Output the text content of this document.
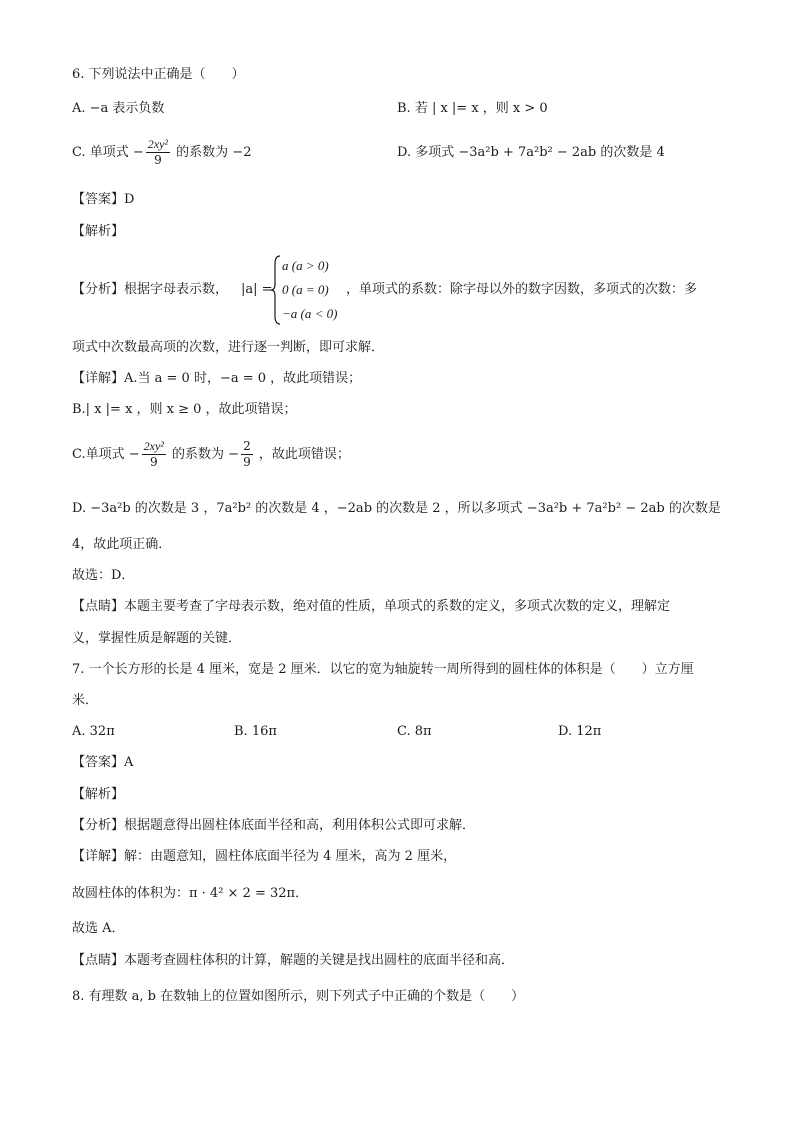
6. 下列说法中正确是（　　）
A. −a 表示负数	B. 若 | x |= x ，则 x > 0
C. 单项式 − $\frac{\text{2xy²}}{9}$ 的系数为 −2	D. 多项式 −3a²b + 7a²b² − 2ab 的次数是 4
【答案】D
【解析】
【分析】根据字母表示数， |a| =
a (a > 0)
0 (a = 0)
−a (a < 0)
，单项式的系数：除字母以外的数字因数，多项式的次数：多
项式中次数最高项的次数，进行逐一判断，即可求解．
【详解】A.当 a = 0 时，−a = 0 ，故此项错误；
B.| x |= x ，则 x ≥ 0 ，故此项错误；
C.单项式 − $\frac{\text{2xy²}}{9}$ 的系数为 − $\frac{2}{9}$ ，故此项错误；
D. −3a²b 的次数是 3 ，7a²b² 的次数是 4 ，−2ab 的次数是 2 ，所以多项式 −3a²b + 7a²b² − 2ab 的次数是
4，故此项正确．
故选：D．
【点睛】本题主要考查了字母表示数，绝对值的性质，单项式的系数的定义，多项式次数的定义，理解定
义，掌握性质是解题的关键．
7. 一个长方形的长是 4 厘米，宽是 2 厘米．以它的宽为轴旋转一周所得到的圆柱体的体积是（　　）立方厘
米．
A. 32π	B. 16π	C. 8π	D. 12π
【答案】A
【解析】
【分析】根据题意得出圆柱体底面半径和高，利用体积公式即可求解．
【详解】解：由题意知，圆柱体底面半径为 4 厘米，高为 2 厘米，
故圆柱体的体积为：π · 4² × 2 = 32π．
故选 A．
【点睛】本题考查圆柱体积的计算，解题的关键是找出圆柱的底面半径和高．
8. 有理数 a, b 在数轴上的位置如图所示，则下列式子中正确的个数是（　　）
